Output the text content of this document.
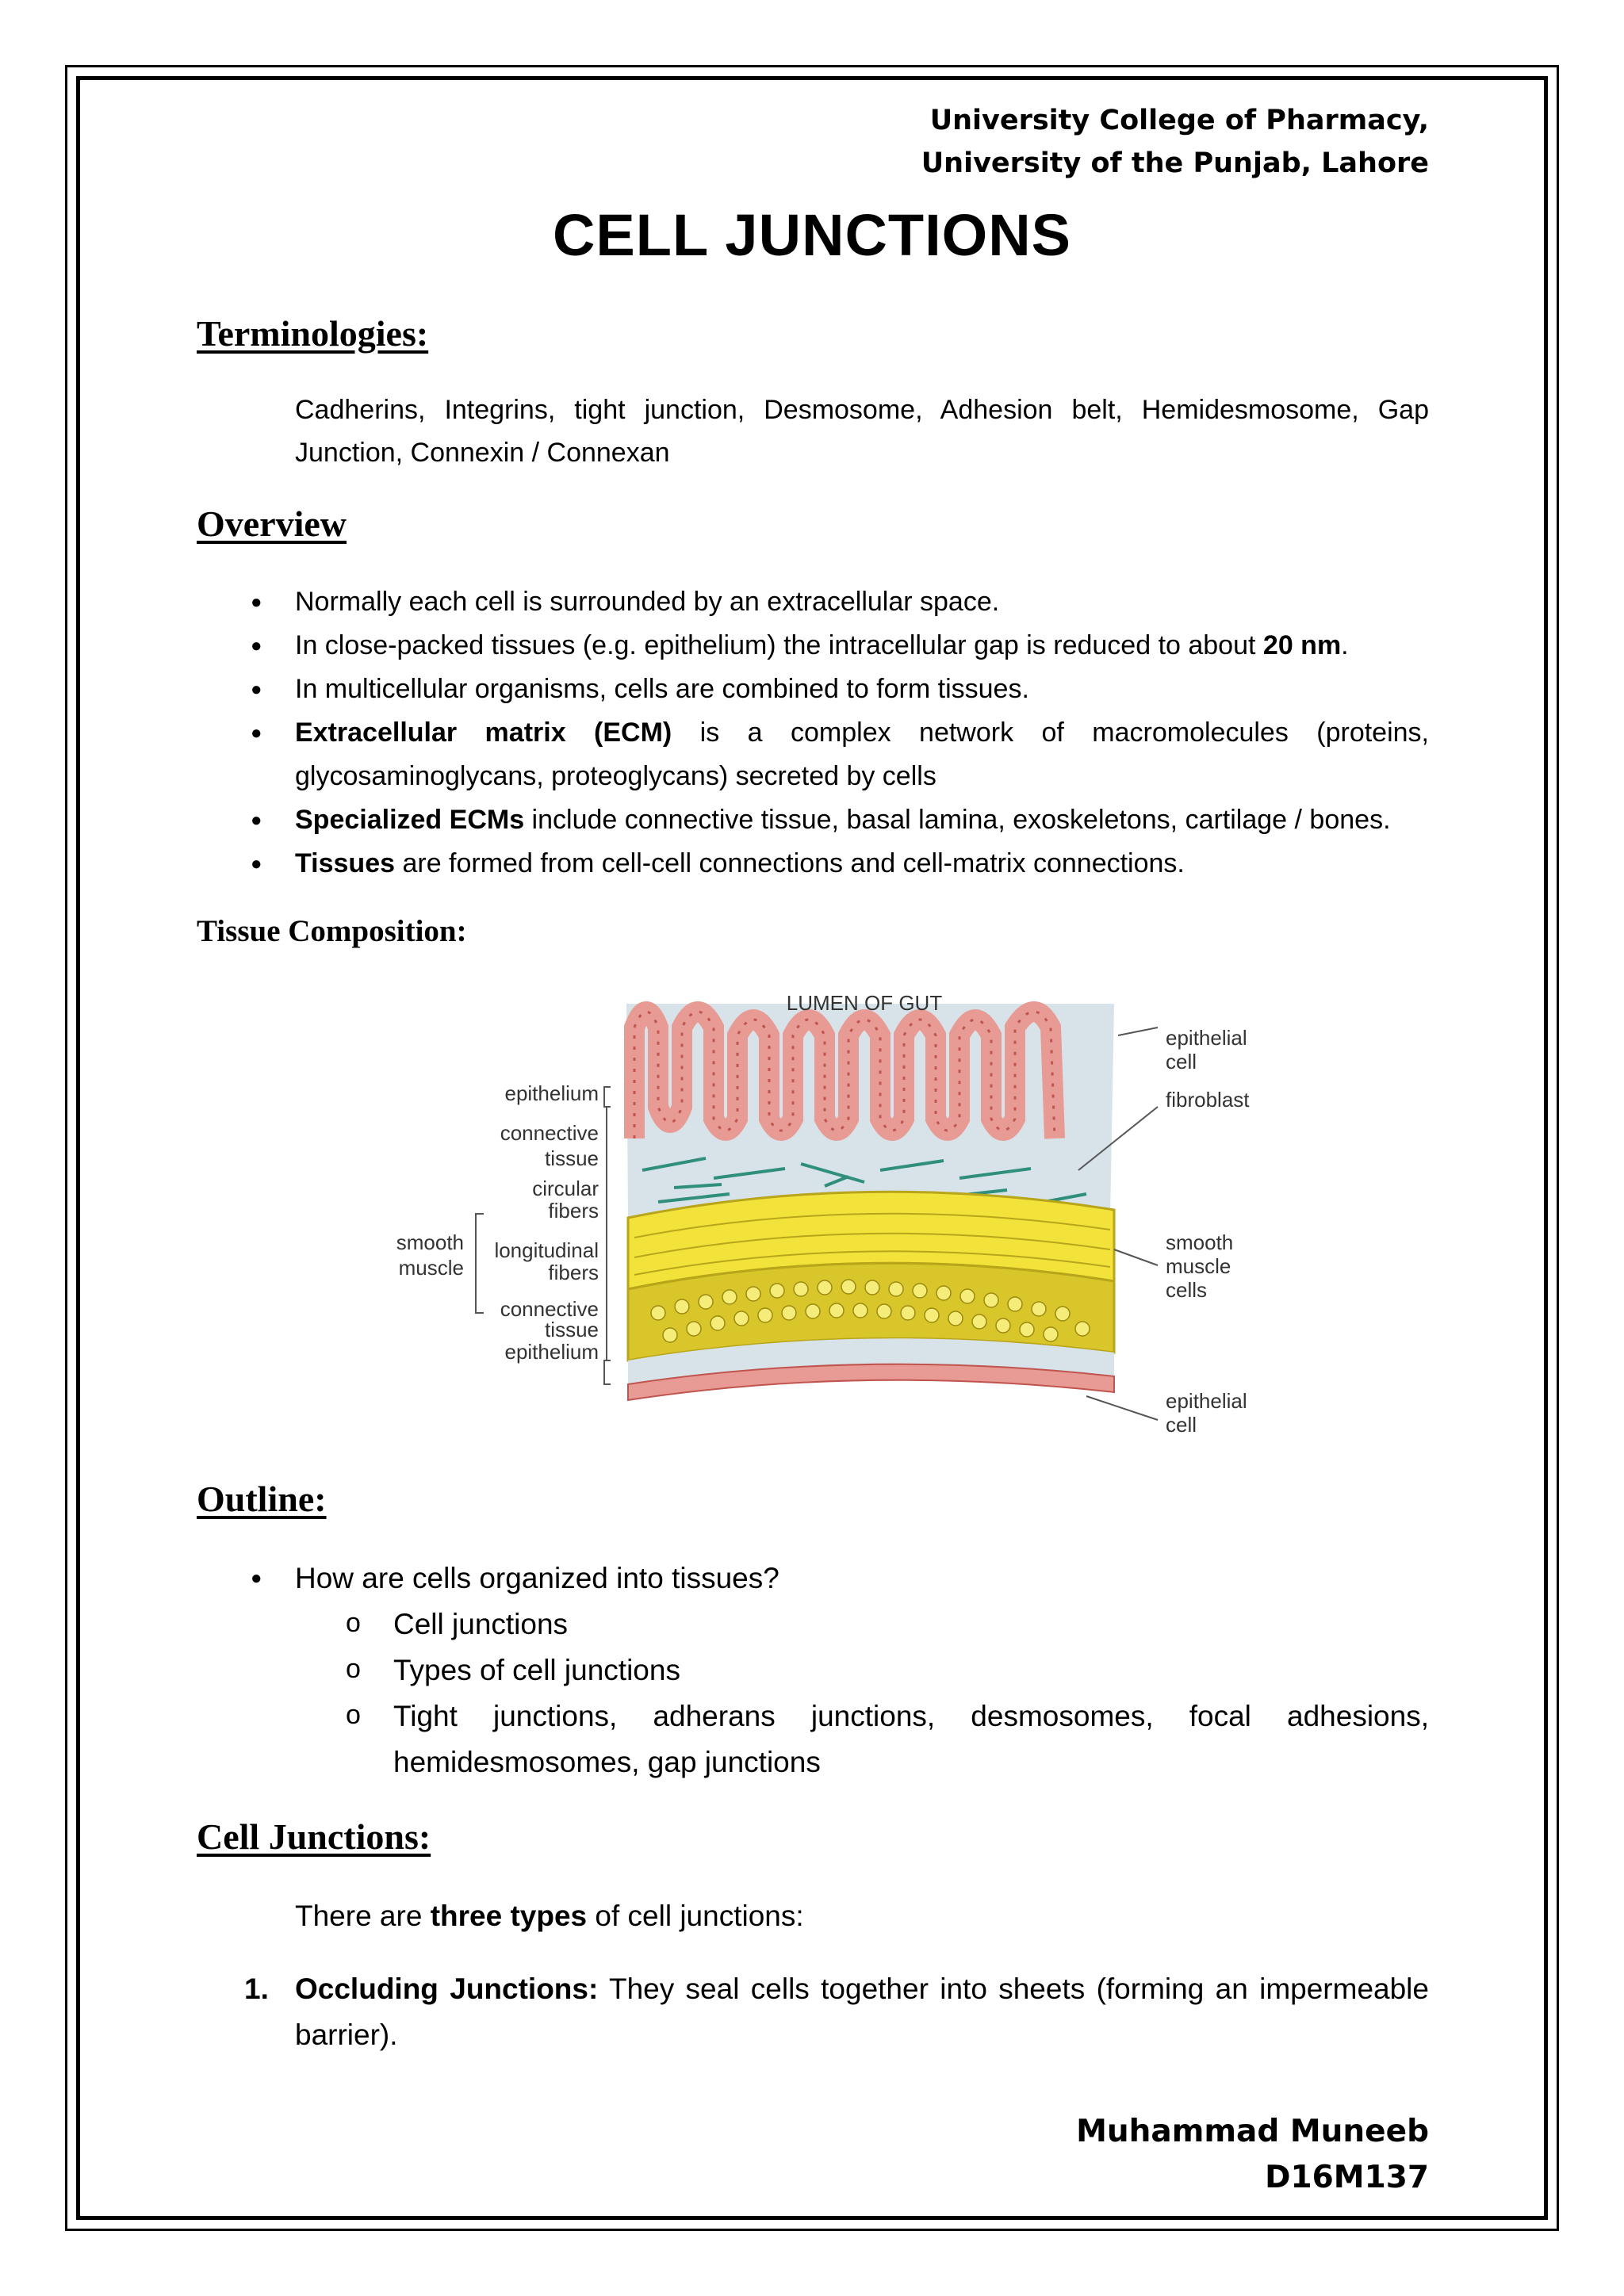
University College of Pharmacy,
University of the Punjab, Lahore
CELL JUNCTIONS
Terminologies:
Cadherins, Integrins, tight junction, Desmosome, Adhesion belt, Hemidesmosome, Gap Junction, Connexin / Connexan
Overview
● Normally each cell is surrounded by an extracellular space.
● In close-packed tissues (e.g. epithelium) the intracellular gap is reduced to about 20 nm.
● In multicellular organisms, cells are combined to form tissues.
● Extracellular matrix (ECM) is a complex network of macromolecules (proteins, glycosaminoglycans, proteoglycans) secreted by cells
● Specialized ECMs include connective tissue, basal lamina, exoskeletons, cartilage / bones.
● Tissues are formed from cell-cell connections and cell-matrix connections.
Tissue Composition:
LUMEN OF GUT
epithelium
connective
tissue
circular
fibers
smooth
muscle
longitudinal
fibers
connective
tissue
epithelium
epithelial
cell
fibroblast
smooth
muscle
cells
epithelial
cell
Outline:
● How are cells organized into tissues?
o Cell junctions
o Types of cell junctions
o Tight junctions, adherans junctions, desmosomes, focal adhesions, hemidesmosomes, gap junctions
Cell Junctions:
There are three types of cell junctions:
1. Occluding Junctions: They seal cells together into sheets (forming an impermeable barrier).
Muhammad Muneeb
D16M137
